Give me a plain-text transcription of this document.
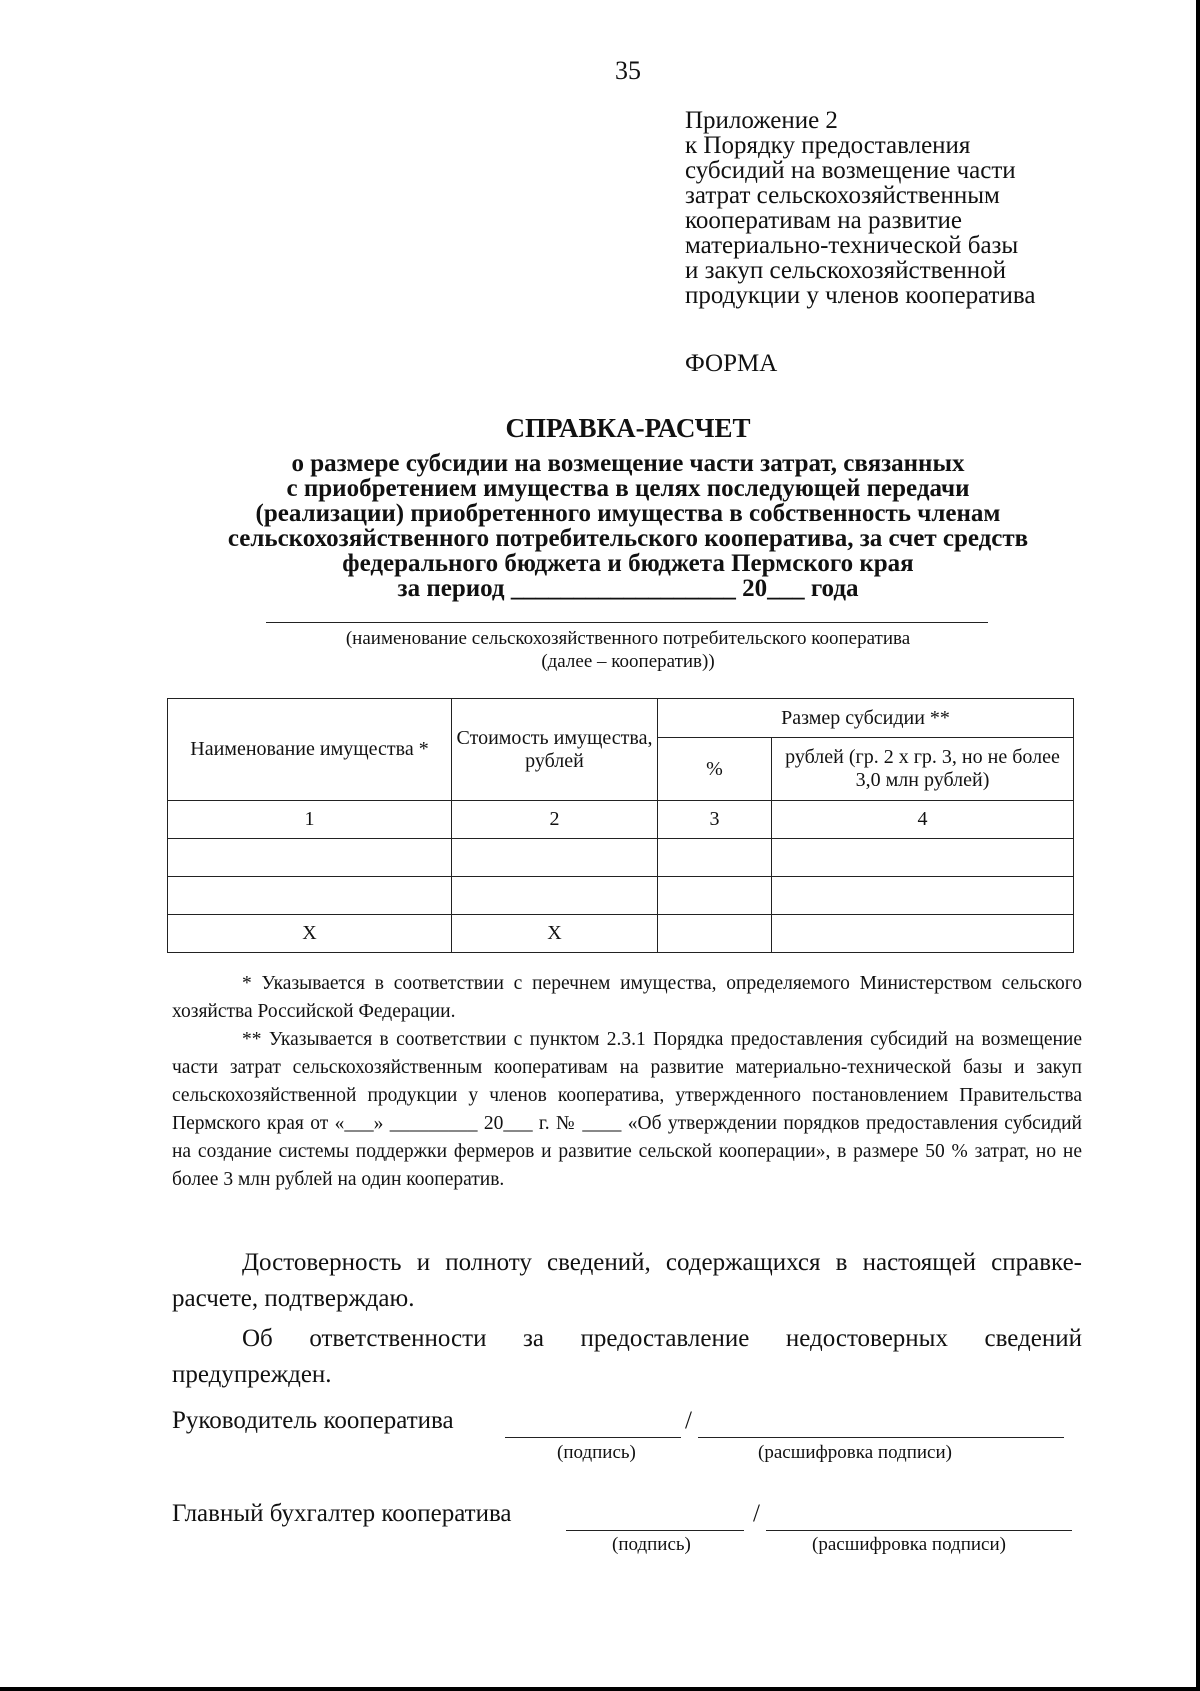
35
Приложение 2
к Порядку предоставления
субсидий на возмещение части
затрат сельскохозяйственным
кооперативам на развитие
материально-технической базы
и закуп сельскохозяйственной
продукции у членов кооператива
ФОРМА
СПРАВКА-РАСЧЕТ
о размере субсидии на возмещение части затрат, связанных
с приобретением имущества в целях последующей передачи
(реализации) приобретенного имущества в собственность членам
сельскохозяйственного потребительского кооператива, за счет средств
федерального бюджета и бюджета Пермского края
за период __________________ 20___ года
(наименование сельскохозяйственного потребительского кооператива
(далее – кооператив))
Наименование имущества *	Стоимость имущества, рублей	Размер субсидии **	
		%	рублей (гр. 2 х гр. 3, но не более 3,0 млн рублей)
1	2	3	4

Х	Х		

* Указывается в соответствии с перечнем имущества, определяемого Министерством сельского хозяйства Российской Федерации.

** Указывается в соответствии с пунктом 2.3.1 Порядка предоставления субсидий на возмещение части затрат сельскохозяйственным кооперативам на развитие материально-технической базы и закуп сельскохозяйственной продукции у членов кооператива, утвержденного постановлением Правительства Пермского края от «___» _________ 20___ г. № ____ «Об утверждении порядков предоставления субсидий на создание системы поддержки фермеров и развитие сельской кооперации», в размере 50 % затрат, но не более 3 млн рублей на один кооператив.

Достоверность и полноту сведений, содержащихся в настоящей справке-расчете, подтверждаю.

Об ответственности за предоставление недостоверных сведений предупрежден.

Руководитель кооператива	/
(подпись)	(расшифровка подписи)
Главный бухгалтер кооператива	/
(подпись)	(расшифровка подписи)
